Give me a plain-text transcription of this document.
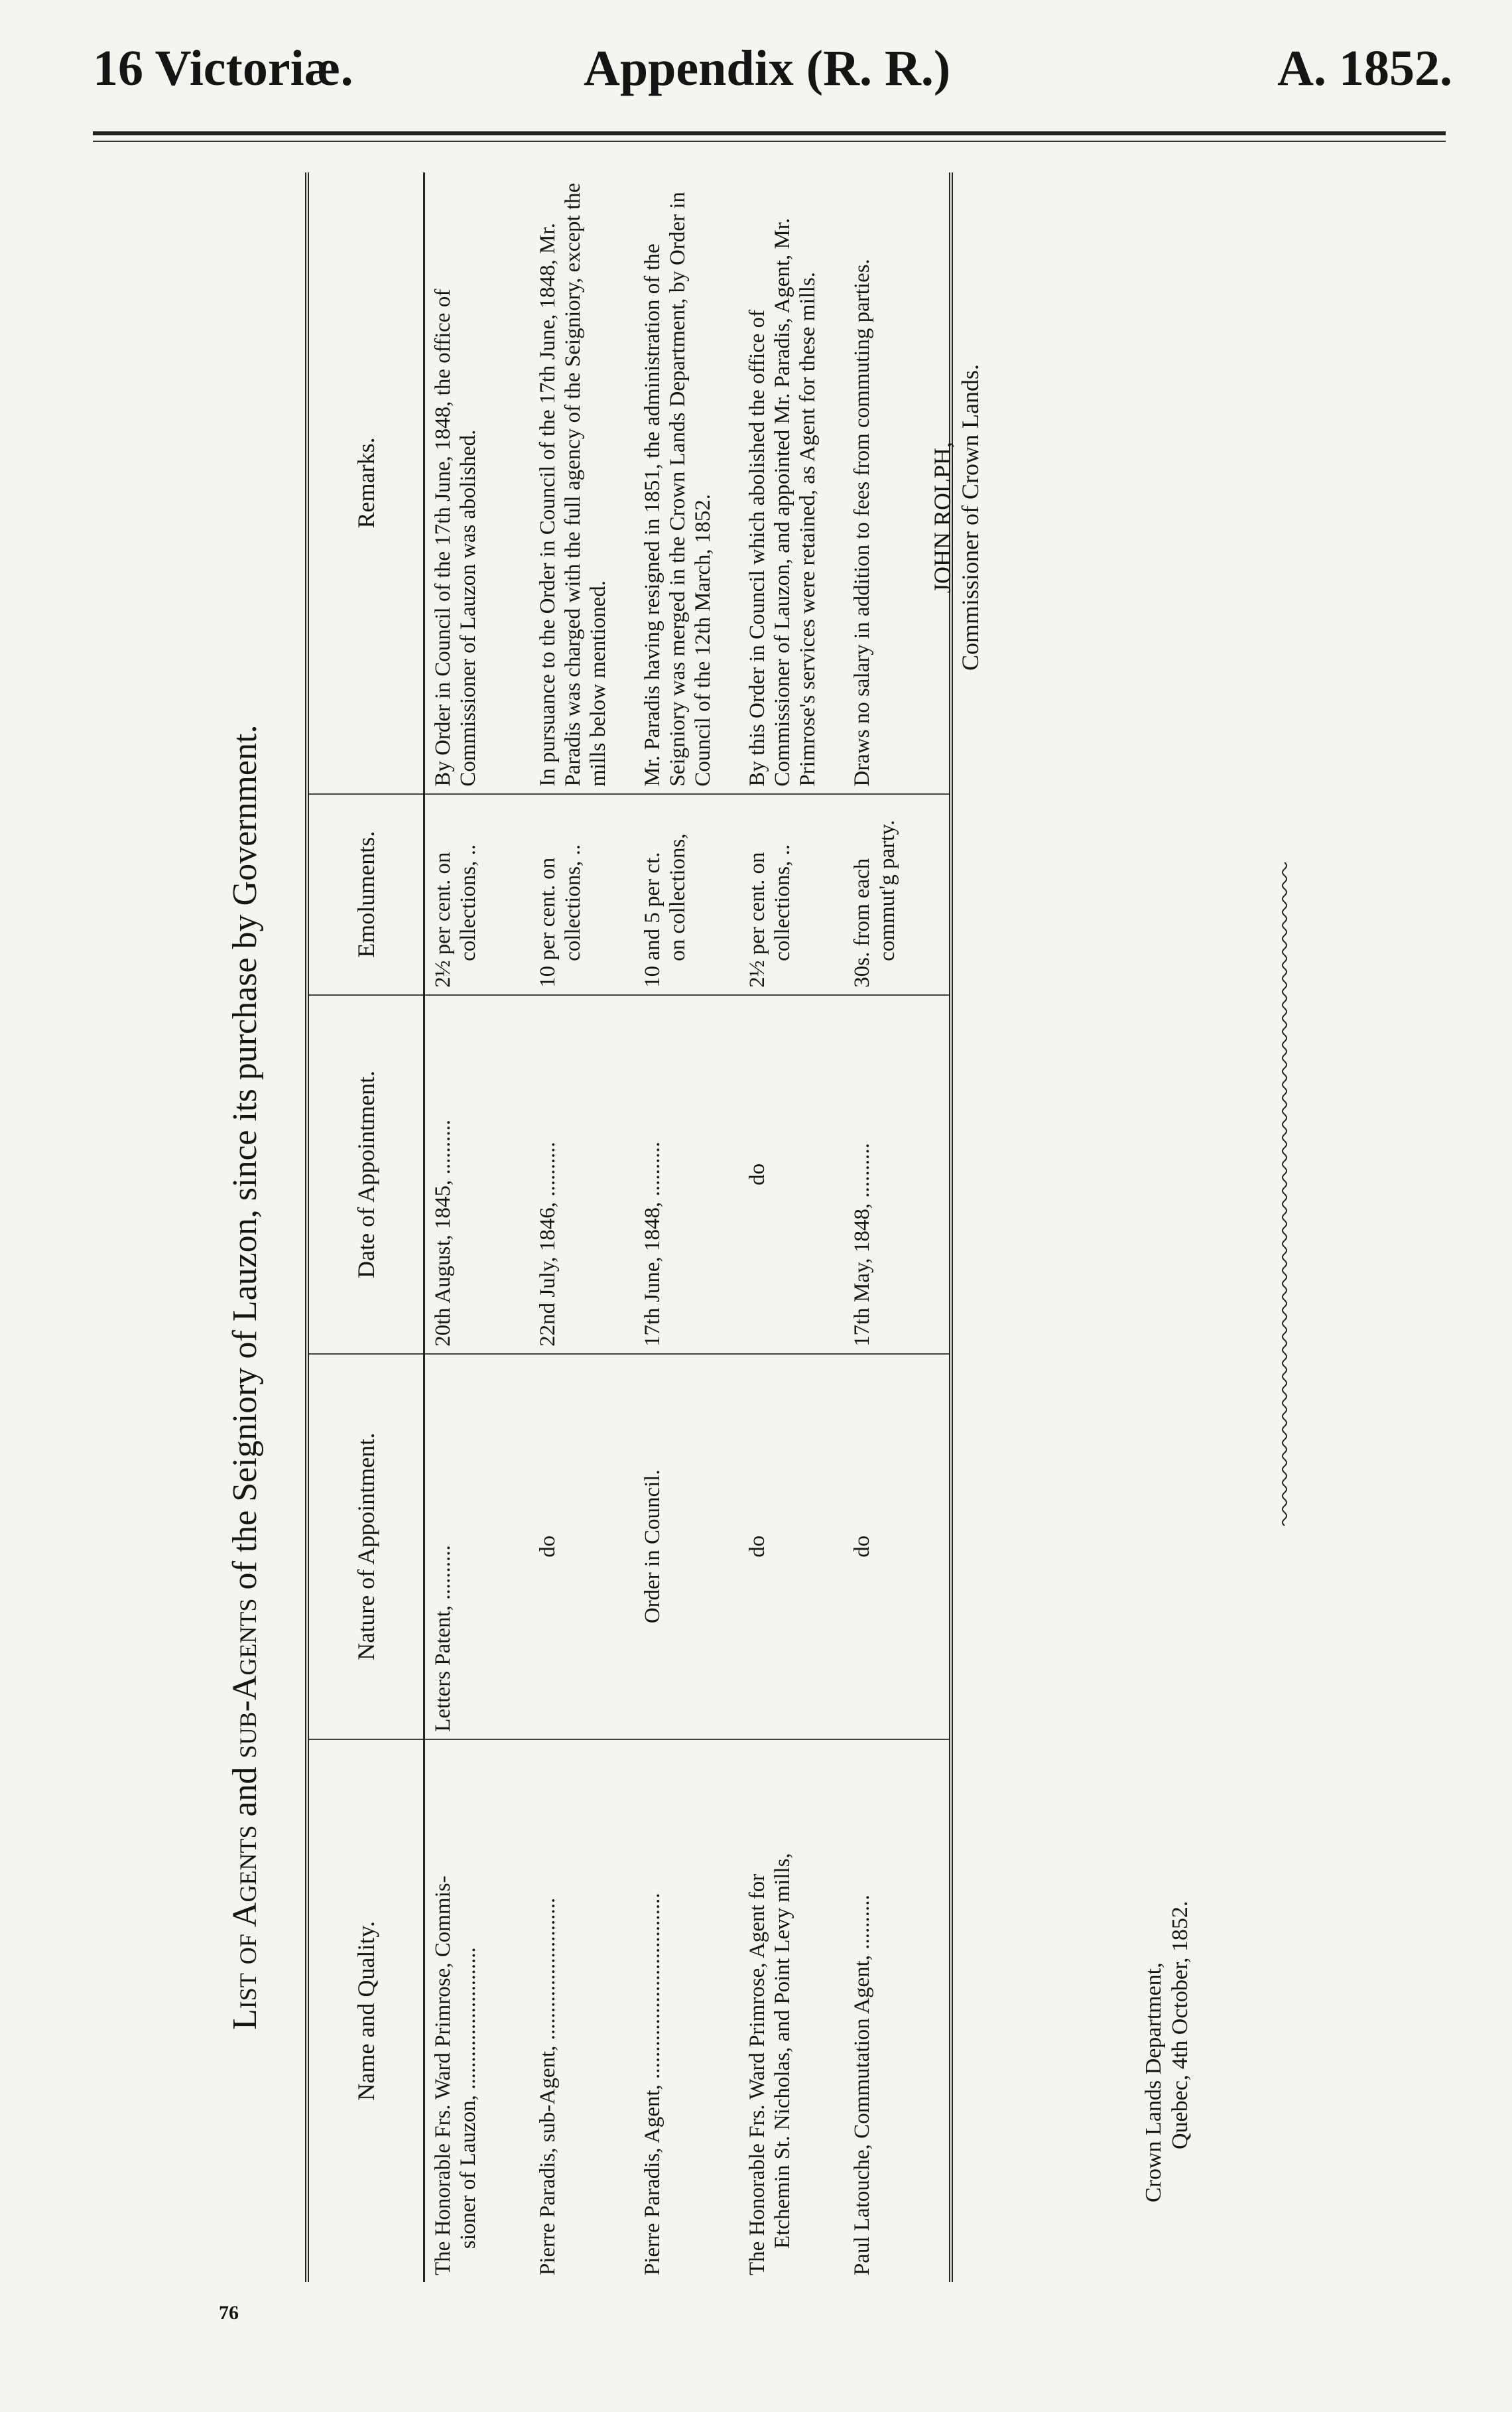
16 Victoriæ.	Appendix (R. R.)	A. 1852.
List of Agents and sub-Agents of the Seigniory of Lauzon, since its purchase by Government.
Name and Quality.	Nature of Appointment.	Date of Appointment.	Emoluments.	Remarks.
The Honorable Frs. Ward Primrose, Commis- sioner of Lauzon, ..........................	Letters Patent, ..........	20th August, 1845, ..........	2½ per cent. on collections, ..	By Order in Council of the 17th June, 1848, the office of Commissioner of Lauzon was abolished.
Pierre Paradis, sub-Agent, ..........................	do	22nd July, 1846, ..........	10 per cent. on collections, ..	In pursuance to the Order in Council of the 17th June, 1848, Mr. Paradis was charged with the full agency of the Seigniory, except the mills below mentioned.
Pierre Paradis, Agent, ..................................	Order in Council.	17th June, 1848, ..........	10 and 5 per ct. on collections,	Mr. Paradis having resigned in 1851, the administration of the Seigniory was merged in the Crown Lands Department, by Order in Council of the 12th March, 1852.
The Honorable Frs. Ward Primrose, Agent for Etchemin St. Nicholas, and Point Levy mills,	do	do	2½ per cent. on collections, ..	By this Order in Council which abolished the office of Commissioner of Lauzon, and appointed Mr. Paradis, Agent, Mr. Primrose's services were retained, as Agent for these mills.
Paul Latouche, Commutation Agent, ..........	do	17th May, 1848, ..........	30s. from each commut'g party.	Draws no salary in addition to fees from commuting parties. JOHN ROLPH, Commissioner of Crown Lands.
Crown Lands Department, Quebec, 4th October, 1852.
76
